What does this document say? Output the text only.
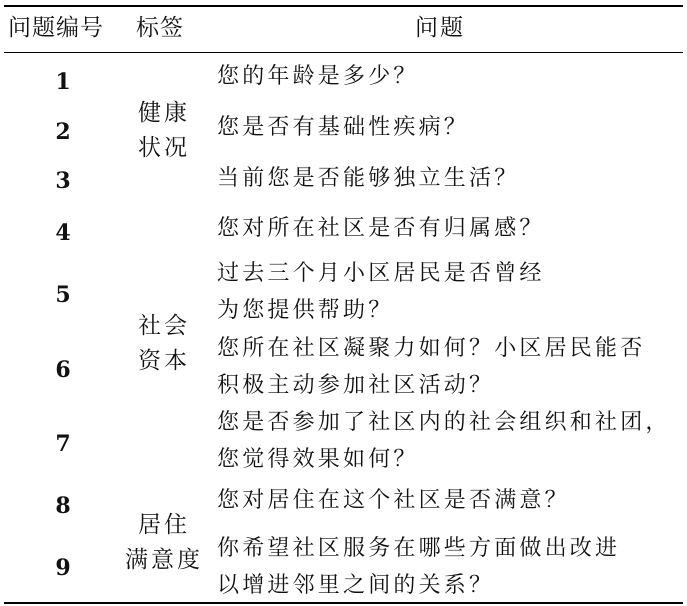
问题编号	标签	问题
1
2
3
4
5
6
7
8
9
健康
状况
社会
资本
居住
满意度
您的年龄是多少？
您是否有基础性疾病？
当前您是否能够独立生活？
您对所在社区是否有归属感？
过去三个月小区居民是否曾经
为您提供帮助？
您所在社区凝聚力如何？小区居民能否
积极主动参加社区活动？
您是否参加了社区内的社会组织和社团，
您觉得效果如何？
您对居住在这个社区是否满意？
你希望社区服务在哪些方面做出改进
以增进邻里之间的关系？
